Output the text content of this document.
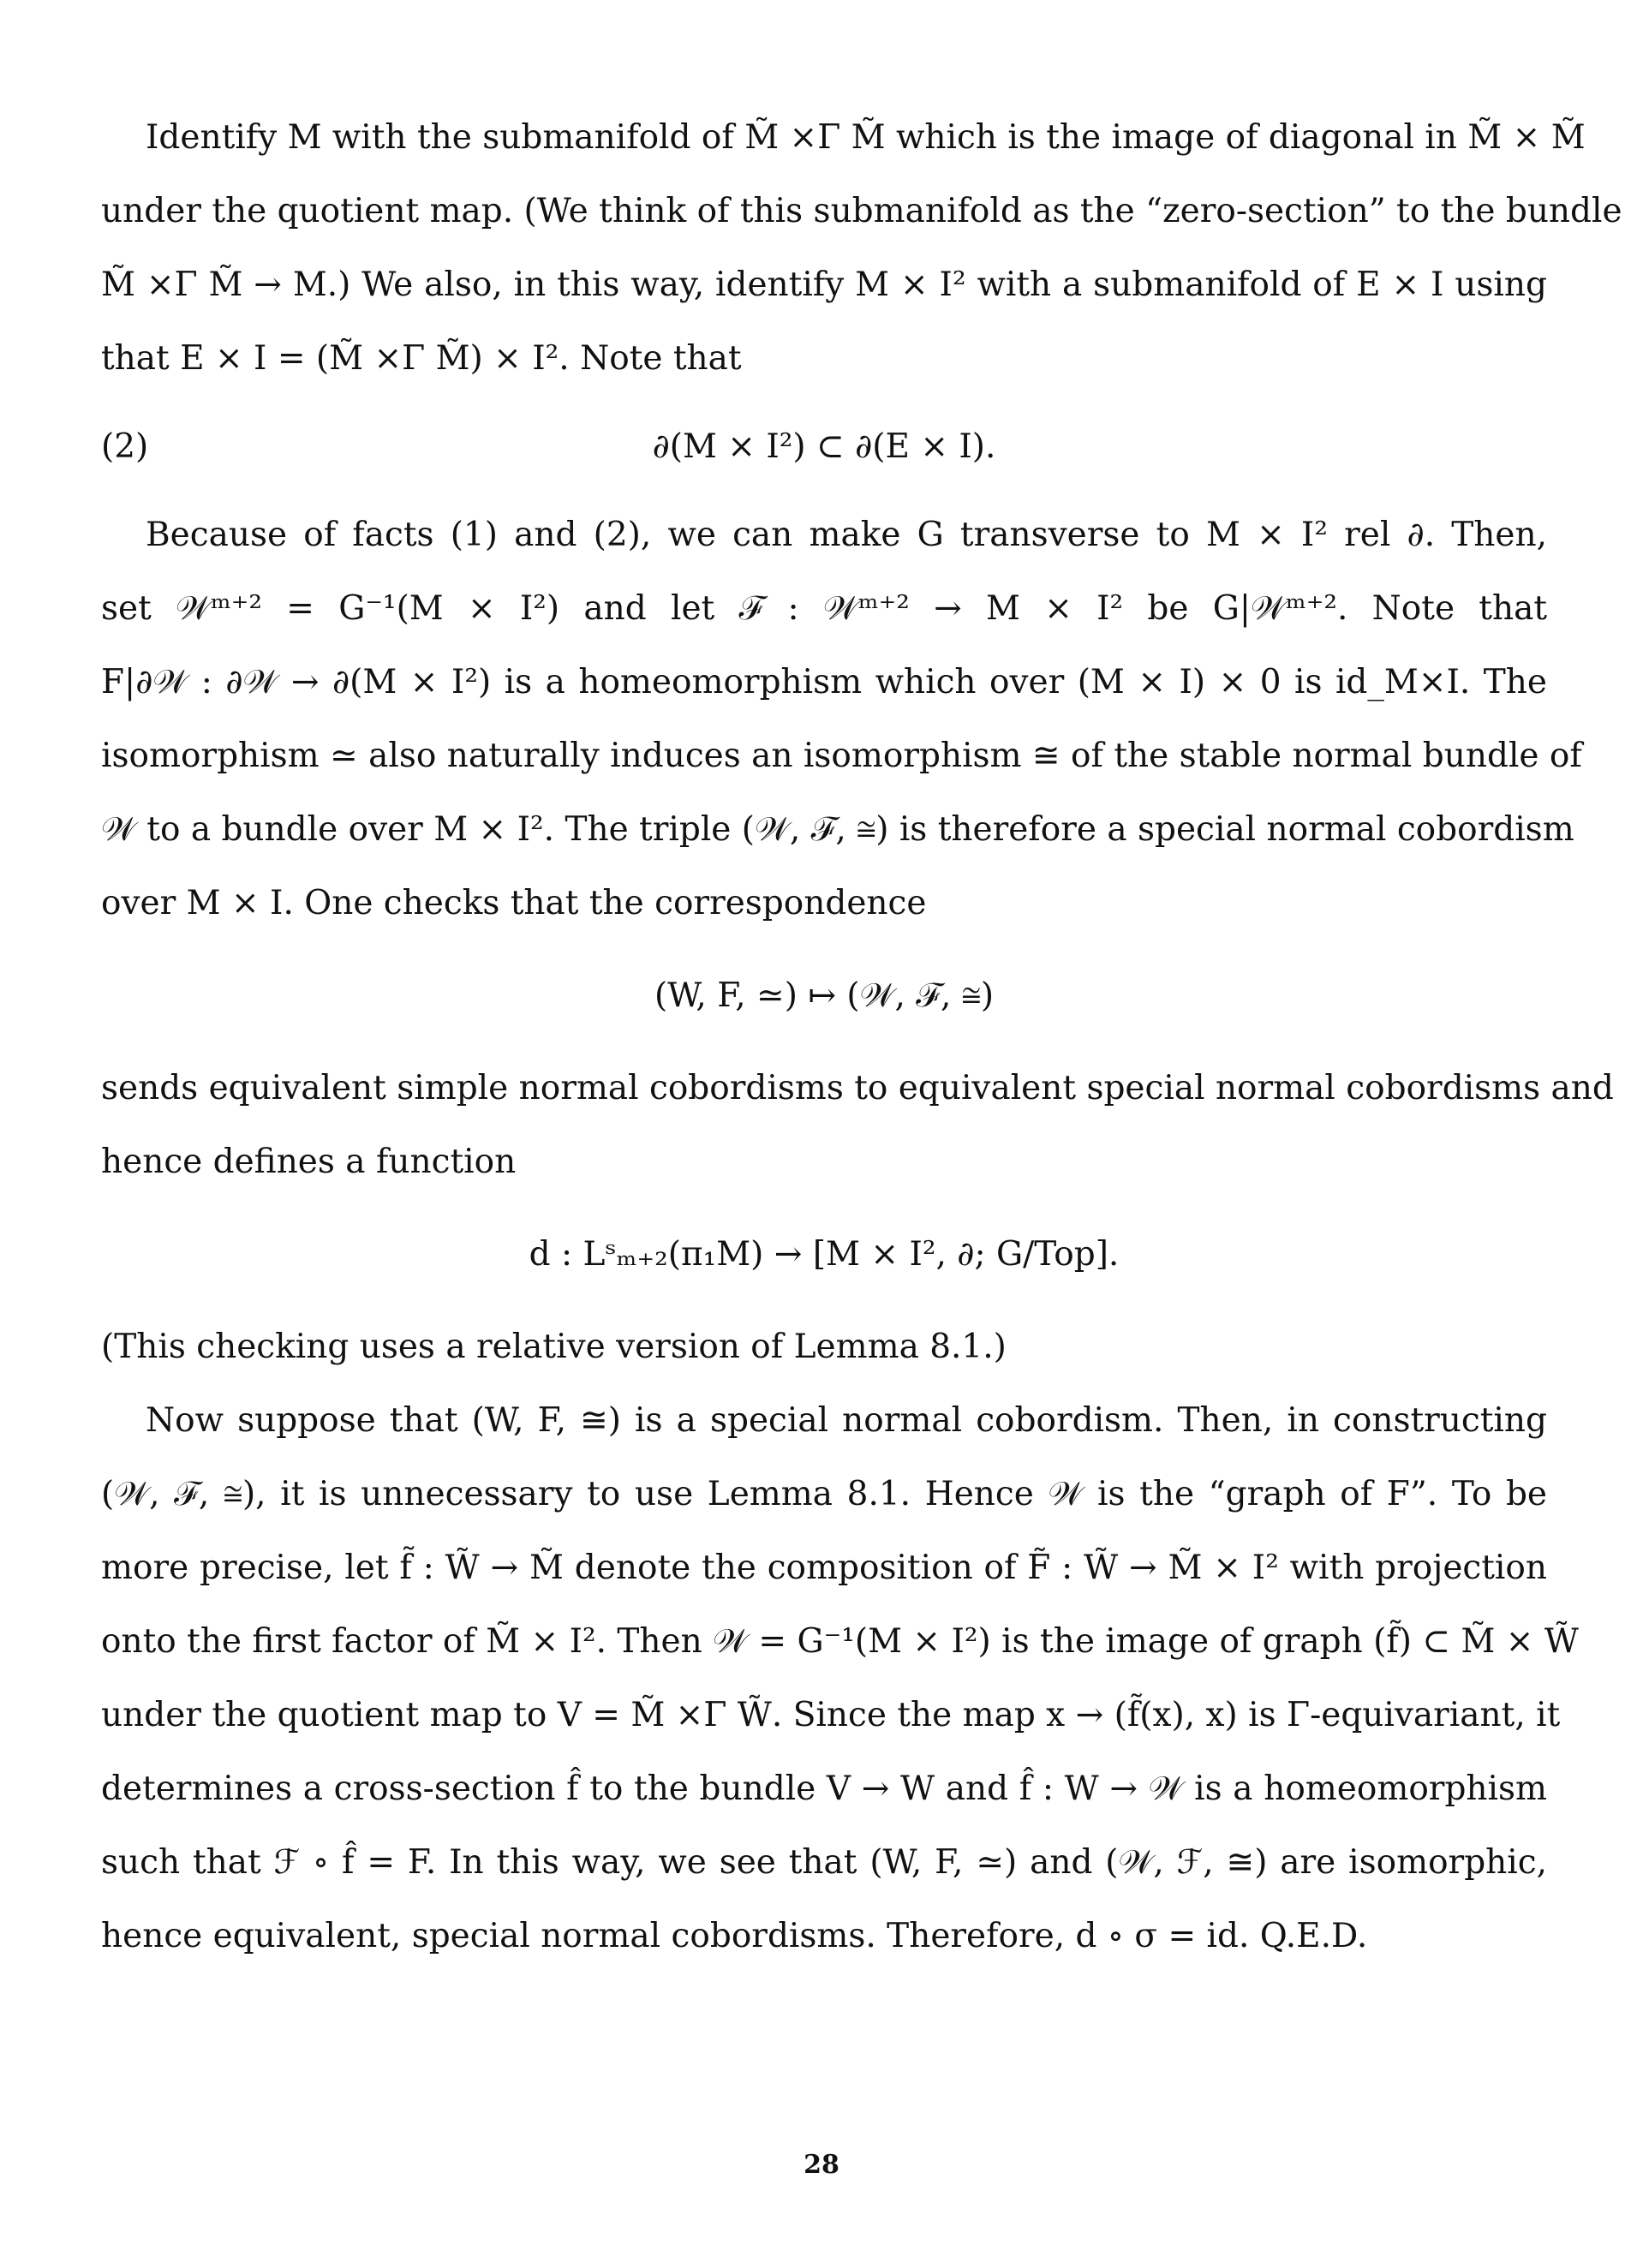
Identify M with the submanifold of M̃ ×Γ M̃ which is the image of diagonal in M̃ × M̃
under the quotient map. (We think of this submanifold as the “zero-section” to the bundle
M̃ ×Γ M̃ → M.) We also, in this way, identify M × I² with a submanifold of E × I using
that E × I = (M̃ ×Γ M̃) × I². Note that
(2)	∂(M × I²) ⊂ ∂(E × I).
Because of facts (1) and (2), we can make G transverse to M × I² rel ∂. Then,
set 𝒲ᵐ⁺² = G⁻¹(M × I²) and let ℱ : 𝒲ᵐ⁺² → M × I² be G|𝒲ᵐ⁺². Note that
F|∂𝒲 : ∂𝒲 → ∂(M × I²) is a homeomorphism which over (M × I) × 0 is id_M×I. The
isomorphism ≃ also naturally induces an isomorphism ≅ of the stable normal bundle of
𝒲 to a bundle over M × I². The triple (𝒲, ℱ, ≅) is therefore a special normal cobordism
over M × I. One checks that the correspondence
(W, F, ≃) ↦ (𝒲, ℱ, ≅)
sends equivalent simple normal cobordisms to equivalent special normal cobordisms and
hence defines a function
d : Lˢₘ₊₂(π₁M) → [M × I², ∂; G/Top].
(This checking uses a relative version of Lemma 8.1.)
Now suppose that (W, F, ≅) is a special normal cobordism. Then, in constructing
(𝒲, ℱ, ≅), it is unnecessary to use Lemma 8.1. Hence 𝒲 is the “graph of F”. To be
more precise, let f̃ : W̃ → M̃ denote the composition of F̃ : W̃ → M̃ × I² with projection
onto the first factor of M̃ × I². Then 𝒲 = G⁻¹(M × I²) is the image of graph (f̃) ⊂ M̃ × W̃
under the quotient map to V = M̃ ×Γ W̃. Since the map x → (f̃(x), x) is Γ-equivariant, it
determines a cross-section f̂ to the bundle V → W and f̂ : W → 𝒲 is a homeomorphism
such that ℱ ∘ f̂ = F. In this way, we see that (W, F, ≃) and (𝒲, ℱ, ≅) are isomorphic,
hence equivalent, special normal cobordisms. Therefore, d ∘ σ = id. Q.E.D.
28
